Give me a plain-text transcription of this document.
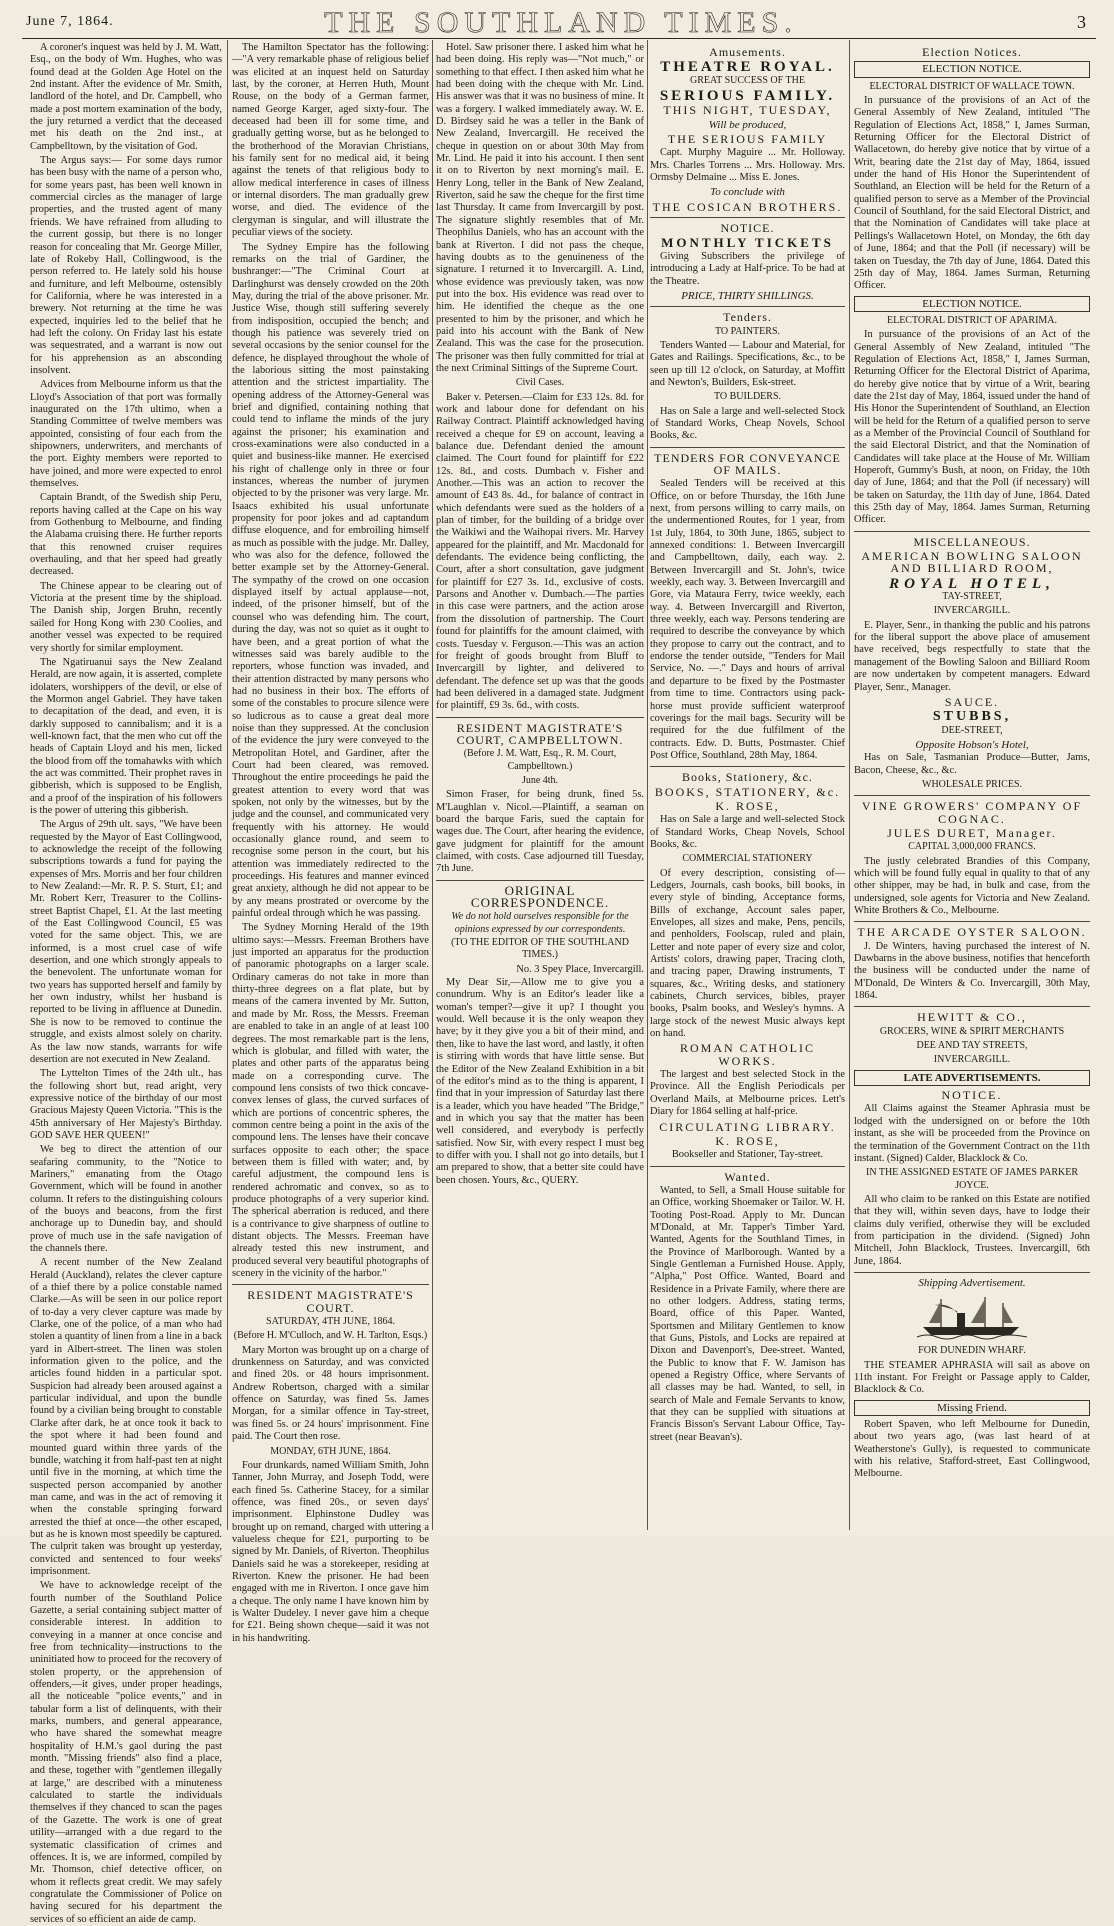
June 7, 1864.	THE SOUTHLAND TIMES.	3

A coroner's inquest was held by J. M. Watt, Esq., on the body of Wm. Hughes, who was found dead at the Golden Age Hotel on the 2nd instant. After the evidence of Mr. Smith, landlord of the hotel, and Dr. Campbell, who made a post mortem examination of the body, the jury returned a verdict that the deceased met his death on the 2nd inst., at Campbelltown, by the visitation of God.

The Argus says:— For some days rumor has been busy with the name of a person who, for some years past, has been well known in commercial circles as the manager of large properties, and the trusted agent of many friends. We have refrained from alluding to the current gossip, but there is no longer reason for concealing that Mr. George Miller, late of Rokeby Hall, Collingwood, is the person referred to. He lately sold his house and furniture, and left Melbourne, ostensibly for California, where he was interested in a brewery. Not returning at the time he was expected, inquiries led to the belief that he had left the colony. On Friday last his estate was sequestrated, and a warrant is now out for his apprehension as an absconding insolvent.

Advices from Melbourne inform us that the Lloyd's Association of that port was formally inaugurated on the 17th ultimo, when a Standing Committee of twelve members was appointed, consisting of four each from the shipowners, underwriters, and merchants of the port. Eighty members were reported to have joined, and more were expected to enrol themselves.

Captain Brandt, of the Swedish ship Peru, reports having called at the Cape on his way from Gothenburg to Melbourne, and finding the Alabama cruising there. He further reports that this renowned cruiser requires overhauling, and that her speed had greatly decreased.

The Chinese appear to be clearing out of Victoria at the present time by the shipload. The Danish ship, Jorgen Bruhn, recently sailed for Hong Kong with 230 Coolies, and another vessel was expected to be required very shortly for similar employment.

The Ngatiruanui says the New Zealand Herald, are now again, it is asserted, complete idolaters, worshippers of the devil, or else of the Mormon angel Gabriel. They have taken to decapitation of the dead, and even, it is darkly supposed to cannibalism; and it is a well-known fact, that the men who cut off the heads of Captain Lloyd and his men, licked the blood from off the tomahawks with which the act was committed. Their prophet raves in gibberish, which is supposed to be English, and a proof of the inspiration of his followers is the power of uttering this gibberish.

The Argus of 29th ult. says, "We have been requested by the Mayor of East Collingwood, to acknowledge the receipt of the following subscriptions towards a fund for paying the expenses of Mrs. Morris and her four children to New Zealand:—Mr. R. P. S. Sturt, £1; and Mr. Robert Kerr, Treasurer to the Collins-street Baptist Chapel, £1. At the last meeting of the East Collingwood Council, £5 was voted for the same object. This, we are informed, is a most cruel case of wife desertion, and one which strongly appeals to the benevolent. The unfortunate woman for two years has supported herself and family by her own industry, whilst her husband is reported to be living in affluence at Dunedin. She is now to be removed to continue the struggle, and exists almost solely on charity. As the law now stands, warrants for wife desertion are not executed in New Zealand.

The Lyttelton Times of the 24th ult., has the following short but, read aright, very expressive notice of the birthday of our most Gracious Majesty Queen Victoria. "This is the 45th anniversary of Her Majesty's Birthday. GOD SAVE HER QUEEN!"

We beg to direct the attention of our seafaring community, to the "Notice to Mariners," emanating from the Otago Government, which will be found in another column. It refers to the distinguishing colours of the buoys and beacons, from the first anchorage up to Dunedin bay, and should prove of much use in the safe navigation of the channels there.

A recent number of the New Zealand Herald (Auckland), relates the clever capture of a thief there by a police constable named Clarke.—As will be seen in our police report of to-day a very clever capture was made by Clarke, one of the police, of a man who had stolen a quantity of linen from a line in a back yard in Albert-street. The linen was stolen information given to the police, and the articles found hidden in a particular spot. Suspicion had already been aroused against a particular individual, and upon the bundle found by a civilian being brought to constable Clarke after dark, he at once took it back to the spot where it had been found and mounted guard within three yards of the bundle, watching it from half-past ten at night until five in the morning, at which time the suspected person accompanied by another man came, and was in the act of removing it when the constable springing forward arrested the thief at once—the other escaped, but as he is known most speedily be captured. The culprit taken was brought up yesterday, convicted and sentenced to four weeks' imprisonment.

We have to acknowledge receipt of the fourth number of the Southland Police Gazette, a serial containing subject matter of considerable interest. In addition to conveying in a manner at once concise and free from technicality—instructions to the uninitiated how to proceed for the recovery of stolen property, or the apprehension of offenders,—it gives, under proper headings, all the noticeable "police events," and in tabular form a list of delinquents, with their marks, numbers, and general appearance, who have shared the somewhat meagre hospitality of H.M.'s gaol during the past month. "Missing friends" also find a place, and these, together with "gentlemen illegally at large," are described with a minuteness calculated to startle the individuals themselves if they chanced to scan the pages of the Gazette. The work is one of great utility—arranged with a due regard to the systematic classification of crimes and offences. It is, we are informed, compiled by Mr. Thomson, chief detective officer, on whom it reflects great credit. We may safely congratulate the Commissioner of Police on having secured for his department the services of so efficient an aide de camp.

The Hamilton Spectator has the following:—"A very remarkable phase of religious belief was elicited at an inquest held on Saturday last, by the coroner, at Herren Huth, Mount Rouse, on the body of a German farmer, named George Karger, aged sixty-four. The deceased had been ill for some time, and gradually getting worse, but as he belonged to the brotherhood of the Moravian Christians, his family sent for no medical aid, it being against the tenets of that religious body to allow medical interference in cases of illness or internal disorders. The man gradually grew worse, and died. The evidence of the clergyman is singular, and will illustrate the peculiar views of the society.

The Sydney Empire has the following remarks on the trial of Gardiner, the bushranger:—"The Criminal Court at Darlinghurst was densely crowded on the 20th May, during the trial of the above prisoner. Mr. Justice Wise, though still suffering severely from indisposition, occupied the bench; and though his patience was severely tried on several occasions by the senior counsel for the defence, he displayed throughout the whole of the laborious sitting the most painstaking attention and the strictest impartiality. The opening address of the Attorney-General was brief and dignified, containing nothing that could tend to inflame the minds of the jury against the prisoner; his examination and cross-examinations were also conducted in a quiet and business-like manner. He exercised his right of challenge only in three or four instances, whereas the number of jurymen objected to by the prisoner was very large. Mr. Isaacs exhibited his usual unfortunate propensity for poor jokes and ad captandum diffuse eloquence, and for embroiling himself as much as possible with the judge. Mr. Dalley, who was also for the defence, followed the better example set by the Attorney-General. The sympathy of the crowd on one occasion displayed itself by actual applause—not, indeed, of the prisoner himself, but of the counsel who was defending him. The court, during the day, was not so quiet as it ought to have been, and a great portion of what the witnesses said was barely audible to the reporters, whose function was invaded, and their attention distracted by many persons who had no business in their box. The efforts of some of the constables to procure silence were so ludicrous as to cause a great deal more noise than they suppressed. At the conclusion of the evidence the jury were conveyed to the Metropolitan Hotel, and Gardiner, after the Court had been cleared, was removed. Throughout the entire proceedings he paid the greatest attention to every word that was spoken, not only by the witnesses, but by the judge and the counsel, and communicated very frequently with his attorney. He would occasionally glance round, and seem to recognise some person in the court, but his attention was immediately redirected to the proceedings. His features and manner evinced great anxiety, although he did not appear to be by any means prostrated or overcome by the painful ordeal through which he was passing.

The Sydney Morning Herald of the 19th ultimo says:—Messrs. Freeman Brothers have just imported an apparatus for the production of panoramic photographs on a larger scale. Ordinary cameras do not take in more than thirty-three degrees on a flat plate, but by means of the camera invented by Mr. Sutton, and made by Mr. Ross, the Messrs. Freeman are enabled to take in an angle of at least 100 degrees. The most remarkable part is the lens, which is globular, and filled with water, the plates and other parts of the apparatus being made on a corresponding curve. The compound lens consists of two thick concave-convex lenses of glass, the curved surfaces of which are portions of concentric spheres, the common centre being a point in the axis of the compound lens. The lenses have their concave surfaces opposite to each other; the space between them is filled with water; and, by careful adjustment, the compound lens is rendered achromatic and convex, so as to produce photographs of a very superior kind. The spherical aberration is reduced, and there is a contrivance to give sharpness of outline to distant objects. The Messrs. Freeman have already tested this new instrument, and produced several very beautiful photographs of scenery in the vicinity of the harbor."

RESIDENT MAGISTRATE'S COURT.
SATURDAY, 4TH JUNE, 1864.
(Before H. M'Culloch, and W. H. Tarlton, Esqs.)

Mary Morton was brought up on a charge of drunkenness on Saturday, and was convicted and fined 20s. or 48 hours imprisonment. Andrew Robertson, charged with a similar offence on Saturday, was fined 5s. James Morgan, for a similar offence in Tay-street, was fined 5s. or 24 hours' imprisonment. Fine paid. The Court then rose.

MONDAY, 6TH JUNE, 1864.

Four drunkards, named William Smith, John Tanner, John Murray, and Joseph Todd, were each fined 5s. Catherine Stacey, for a similar offence, was fined 20s., or seven days' imprisonment. Elphinstone Dudley was brought up on remand, charged with uttering a valueless cheque for £21, purporting to be signed by Mr. Daniels, of Riverton. Theophilus Daniels said he was a storekeeper, residing at Riverton. Knew the prisoner. He had been engaged with me in Riverton. I once gave him a cheque. The only name I have known him by is Walter Dudeley. I never gave him a cheque for £21. Being shown cheque—said it was not in his handwriting.

Hotel. Saw prisoner there. I asked him what he had been doing. His reply was—"Not much," or something to that effect. I then asked him what he had been doing with the cheque with Mr. Lind. His answer was that it was no business of mine. It was a forgery. I walked immediately away. W. E. D. Birdsey said he was a teller in the Bank of New Zealand, Invercargill. He received the cheque in question on or about 30th May from Mr. Lind. He paid it into his account. I then sent it on to Riverton by next morning's mail. E. Henry Long, teller in the Bank of New Zealand, Riverton, said he saw the cheque for the first time last Thursday. It came from Invercargill by post. The signature slightly resembles that of Mr. Theophilus Daniels, who has an account with the bank at Riverton. I did not pass the cheque, having doubts as to the genuineness of the signature. I returned it to Invercargill. A. Lind, whose evidence was previously taken, was now put into the box. His evidence was read over to him. He identified the cheque as the one presented to him by the prisoner, and which he paid into his account with the Bank of New Zealand. This was the case for the prosecution. The prisoner was then fully committed for trial at the next Criminal Sittings of the Supreme Court.

Civil Cases.

Baker v. Petersen.—Claim for £33 12s. 8d. for work and labour done for defendant on his Railway Contract. Plaintiff acknowledged having received a cheque for £9 on account, leaving a balance due. Defendant denied the amount claimed. The Court found for plaintiff for £22 12s. 8d., and costs. Dumbach v. Fisher and Another.—This was an action to recover the amount of £43 8s. 4d., for balance of contract in which defendants were sued as the holders of a plan of timber, for the building of a bridge over the Waikiwi and the Waihopai rivers. Mr. Harvey appeared for the plaintiff, and Mr. Macdonald for defendants. The evidence being conflicting, the Court, after a short consultation, gave judgment for plaintiff for £27 3s. 1d., exclusive of costs. Parsons and Another v. Dumbach.—The parties in this case were partners, and the action arose from the dissolution of partnership. The Court found for plaintiffs for the amount claimed, with costs. Tuesday v. Ferguson.—This was an action for freight of goods brought from Bluff to Invercargill by lighter, and delivered to defendant. The defence set up was that the goods had been delivered in a damaged state. Judgment for plaintiff, £9 3s. 6d., with costs.

RESIDENT MAGISTRATE'S COURT, CAMPBELLTOWN.
(Before J. M. Watt, Esq., R. M. Court, Campbelltown.)
June 4th.

Simon Fraser, for being drunk, fined 5s. M'Laughlan v. Nicol.—Plaintiff, a seaman on board the barque Faris, sued the captain for wages due. The Court, after hearing the evidence, gave judgment for plaintiff for the amount claimed, with costs. Case adjourned till Tuesday, 7th June.

ORIGINAL CORRESPONDENCE.
We do not hold ourselves responsible for the opinions expressed by our correspondents.
(TO THE EDITOR OF THE SOUTHLAND TIMES.)
No. 3 Spey Place, Invercargill.

My Dear Sir,—Allow me to give you a conundrum. Why is an Editor's leader like a woman's temper?—give it up? I thought you would. Well because it is the only weapon they have; by it they give you a bit of their mind, and then, like to have the last word, and lastly, it often is stirring with words that have little sense. But the Editor of the New Zealand Exhibition in a bit of the editor's mind as to the thing is apparent, I find that in your impression of Saturday last there is a leader, which you have headed "The Bridge," and in which you say that the matter has been well considered, and everybody is perfectly satisfied. Now Sir, with every respect I must beg to differ with you. I shall not go into details, but I am prepared to show, that a better site could have been chosen. Yours, &c., QUERY.

Amusements.
THEATRE ROYAL.
GREAT SUCCESS OF THE
SERIOUS FAMILY.
THIS NIGHT, TUESDAY,
Will be produced,
THE SERIOUS FAMILY

Capt. Murphy Maguire ... Mr. Holloway. Mrs. Charles Torrens ... Mrs. Holloway. Mrs. Ormsby Delmaine ... Miss E. Jones.

To conclude with
THE COSICAN BROTHERS.
NOTICE.
MONTHLY TICKETS

Giving Subscribers the privilege of introducing a Lady at Half-price. To be had at the Theatre.

PRICE, THIRTY SHILLINGS.
Tenders.
TO PAINTERS.

Tenders Wanted — Labour and Material, for Gates and Railings. Specifications, &c., to be seen up till 12 o'clock, on Saturday, at Moffitt and Newton's, Builders, Esk-street.

TO BUILDERS.

Has on Sale a large and well-selected Stock of Standard Works, Cheap Novels, School Books, &c.

TENDERS FOR CONVEYANCE OF MAILS.

Sealed Tenders will be received at this Office, on or before Thursday, the 16th June next, from persons willing to carry mails, on the undermentioned Routes, for 1 year, from 1st July, 1864, to 30th June, 1865, subject to annexed conditions: 1. Between Invercargill and Campbelltown, daily, each way. 2. Between Invercargill and St. John's, twice weekly, each way. 3. Between Invercargill and Gore, via Mataura Ferry, twice weekly, each way. 4. Between Invercargill and Riverton, three weekly, each way. Persons tendering are required to describe the conveyance by which they propose to carry out the contract, and to endorse the tender outside, "Tenders for Mail Service, No. —." Days and hours of arrival and departure to be fixed by the Postmaster from time to time. Contractors using pack-horse must provide sufficient waterproof coverings for the mail bags. Security will be required for the due fulfilment of the contracts. Edw. D. Butts, Postmaster. Chief Post Office, Southland, 28th May, 1864.

Books, Stationery, &c.
BOOKS, STATIONERY, &c.
K. ROSE,

Has on Sale a large and well-selected Stock of Standard Works, Cheap Novels, School Books, &c.

COMMERCIAL STATIONERY

Of every description, consisting of—Ledgers, Journals, cash books, bill books, in every style of binding, Acceptance forms, Bills of exchange, Account sales paper, Envelopes, all sizes and make, Pens, pencils, and penholders, Foolscap, ruled and plain, Letter and note paper of every size and color, Artists' colors, drawing paper, Tracing cloth, and tracing paper, Drawing instruments, T squares, &c., Writing desks, and stationery cabinets, Church services, bibles, prayer books, Psalm books, and Wesley's hymns. A large stock of the newest Music always kept on hand.

ROMAN CATHOLIC WORKS.

The largest and best selected Stock in the Province. All the English Periodicals per Overland Mails, at Melbourne prices. Lett's Diary for 1864 selling at half-price.

CIRCULATING LIBRARY.
K. ROSE,
Bookseller and Stationer, Tay-street.
Wanted.

Wanted, to Sell, a Small House suitable for an Office, working Shoemaker or Tailor. W. H. Tooting Post-Road. Apply to Mr. Duncan M'Donald, at Mr. Tapper's Timber Yard. Wanted, Agents for the Southland Times, in the Province of Marlborough. Wanted by a Single Gentleman a Furnished House. Apply, "Alpha," Post Office. Wanted, Board and Residence in a Private Family, where there are no other lodgers. Address, stating terms, Board, office of this Paper. Wanted, Sportsmen and Military Gentlemen to know that Guns, Pistols, and Locks are repaired at Dixon and Davenport's, Dee-street. Wanted, the Public to know that F. W. Jamison has opened a Registry Office, where Servants of all classes may be had. Wanted, to sell, in search of Male and Female Servants to know, that they can be supplied with situations at Francis Bisson's Servant Labour Office, Tay-street (near Beavan's).

Election Notices.
ELECTION NOTICE.
ELECTORAL DISTRICT OF WALLACE TOWN.

In pursuance of the provisions of an Act of the General Assembly of New Zealand, intituled "The Regulation of Elections Act, 1858," I, James Surman, Returning Officer for the Electoral District of Wallacetown, do hereby give notice that by virtue of a Writ, bearing date the 21st day of May, 1864, issued under the hand of His Honor the Superintendent of Southland, an Election will be held for the Return of a qualified person to serve as a Member of the Provincial Council of Southland, for the said Electoral District, and that the Nomination of Candidates will take place at Pellings's Wallacetown Hotel, on Monday, the 6th day of June, 1864; and that the Poll (if necessary) will be taken on Tuesday, the 7th day of June, 1864. Dated this 25th day of May, 1864. James Surman, Returning Officer.

ELECTION NOTICE.
ELECTORAL DISTRICT OF APARIMA.

In pursuance of the provisions of an Act of the General Assembly of New Zealand, intituled "The Regulation of Elections Act, 1858," I, James Surman, Returning Officer for the Electoral District of Aparima, do hereby give notice that by virtue of a Writ, bearing date the 21st day of May, 1864, issued under the hand of His Honor the Superintendent of Southland, an Election will be held for the Return of a qualified person to serve as a Member of the Provincial Council of Southland for the said Electoral District, and that the Nomination of Candidates will take place at the House of Mr. William Hoperoft, Gummy's Bush, at noon, on Friday, the 10th day of June, 1864; and that the Poll (if necessary) will be taken on Saturday, the 11th day of June, 1864. Dated this 25th day of May, 1864. James Surman, Returning Officer.

MISCELLANEOUS.
AMERICAN BOWLING SALOON AND BILLIARD ROOM,
ROYAL HOTEL,
TAY-STREET,
INVERCARGILL.

E. Player, Senr., in thanking the public and his patrons for the liberal support the above place of amusement have received, begs respectfully to state that the management of the Bowling Saloon and Billiard Room are now undertaken by competent managers. Edward Player, Senr., Manager.

SAUCE.
STUBBS,
DEE-STREET,
Opposite Hobson's Hotel,

Has on Sale, Tasmanian Produce—Butter, Jams, Bacon, Cheese, &c., &c.

WHOLESALE PRICES.
VINE GROWERS' COMPANY OF COGNAC.
JULES DURET, Manager.
CAPITAL 3,000,000 FRANCS.

The justly celebrated Brandies of this Company, which will be found fully equal in quality to that of any other shipper, may be had, in bulk and case, from the undersigned, sole agents for Victoria and New Zealand. White Brothers & Co., Melbourne.

THE ARCADE OYSTER SALOON.

J. De Winters, having purchased the interest of N. Dawbarns in the above business, notifies that henceforth the business will be conducted under the name of M'Donald, De Winters & Co. Invercargill, 30th May, 1864.

HEWITT & CO.,
GROCERS, WINE & SPIRIT MERCHANTS
DEE AND TAY STREETS,
INVERCARGILL.
LATE ADVERTISEMENTS.
NOTICE.

All Claims against the Steamer Aphrasia must be lodged with the undersigned on or before the 10th instant, as she will be proceeded from the Province on the termination of the Government Contract on the 11th instant. (Signed) Calder, Blacklock & Co.

IN THE ASSIGNED ESTATE OF JAMES PARKER JOYCE.

All who claim to be ranked on this Estate are notified that they will, within seven days, have to lodge their claims duly verified, otherwise they will be excluded from participation in the dividend. (Signed) John Mitchell, John Blacklock, Trustees. Invercargill, 6th June, 1864.

Shipping Advertisement.
FOR DUNEDIN WHARF.

THE STEAMER APHRASIA will sail as above on 11th instant. For Freight or Passage apply to Calder, Blacklock & Co.

Missing Friend.

Robert Spaven, who left Melbourne for Dunedin, about two years ago, (was last heard of at Weatherstone's Gully), is requested to communicate with his relative, Stafford-street, East Collingwood, Melbourne.
